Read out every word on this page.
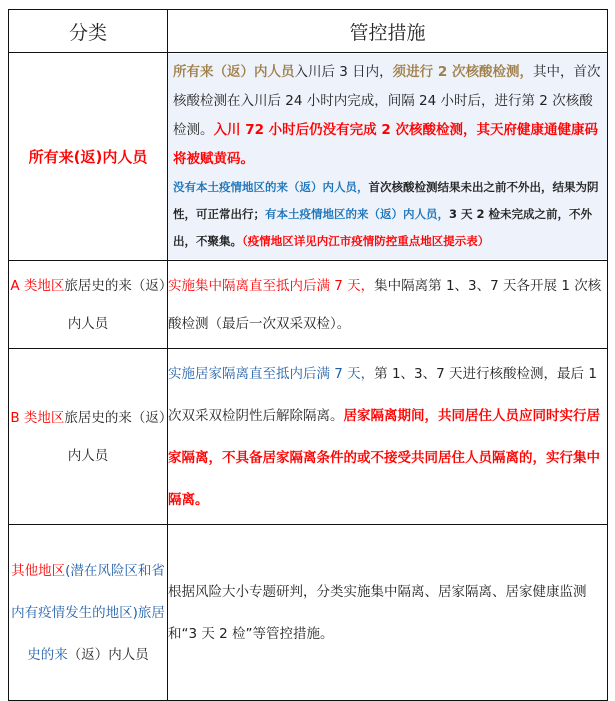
分类	管控措施
所有来(返)内人员	所有来（返）内人员入川后 3 日内，须进行 2 次核酸检测，其中，首次核酸检测在入川后 24 小时内完成，间隔 24 小时后，进行第 2 次核酸检测。入川 72 小时后仍没有完成 2 次核酸检测，其天府健康通健康码将被赋黄码。
没有本土疫情地区的来（返）内人员，首次核酸检测结果未出之前不外出，结果为阴性，可正常出行；有本土疫情地区的来（返）内人员，3 天 2 检未完成之前，不外出，不聚集。（疫情地区详见内江市疫情防控重点地区提示表）

A 类地区旅居史的来（返）内人员	实施集中隔离直至抵内后满 7 天，集中隔离第 1、3、7 天各开展 1 次核酸检测（最后一次双采双检）。
B 类地区旅居史的来（返）内人员	实施居家隔离直至抵内后满 7 天，第 1、3、7 天进行核酸检测，最后 1 次双采双检阴性后解除隔离。居家隔离期间，共同居住人员应同时实行居家隔离，不具备居家隔离条件的或不接受共同居住人员隔离的，实行集中隔离。
其他地区(潜在风险区和省内有疫情发生的地区)旅居史的来（返）内人员	根据风险大小专题研判，分类实施集中隔离、居家隔离、居家健康监测和“3 天 2 检”等管控措施。
